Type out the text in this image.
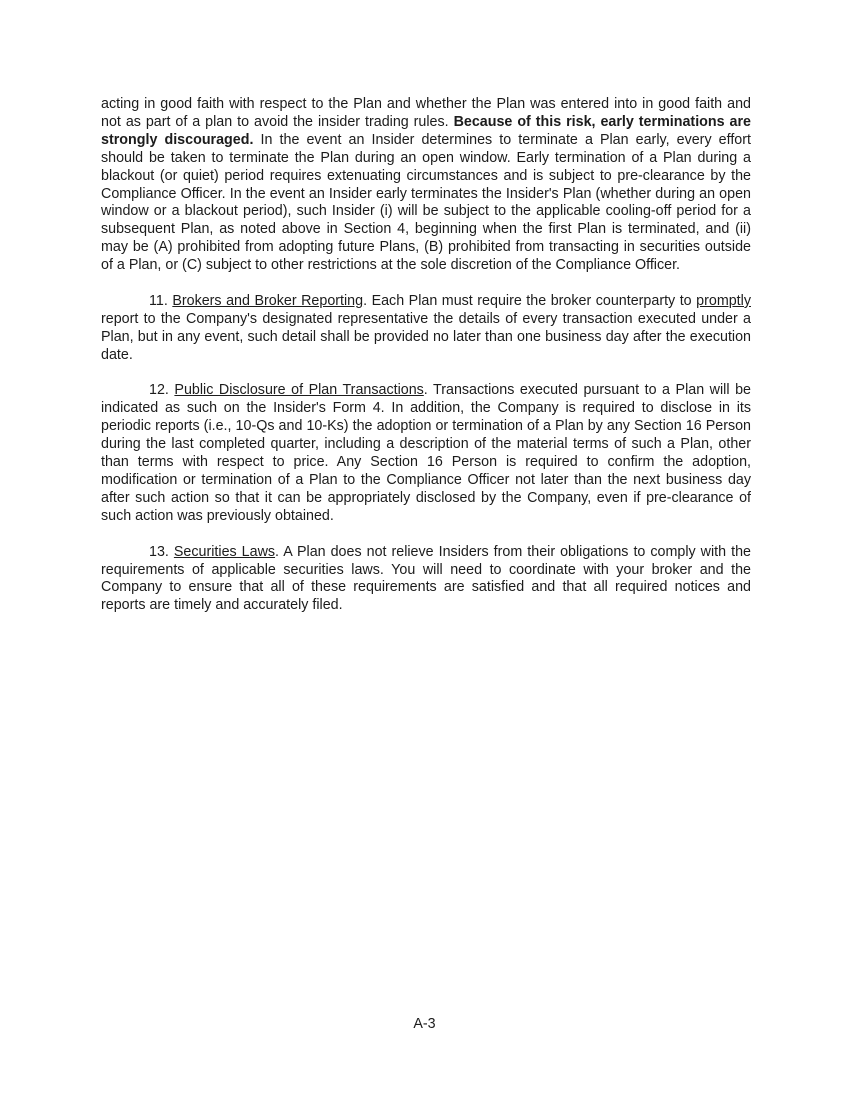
acting in good faith with respect to the Plan and whether the Plan was entered into in good faith and not as part of a plan to avoid the insider trading rules. Because of this risk, early terminations are strongly discouraged. In the event an Insider determines to terminate a Plan early, every effort should be taken to terminate the Plan during an open window. Early termination of a Plan during a blackout (or quiet) period requires extenuating circumstances and is subject to pre-clearance by the Compliance Officer. In the event an Insider early terminates the Insider's Plan (whether during an open window or a blackout period), such Insider (i) will be subject to the applicable cooling-off period for a subsequent Plan, as noted above in Section 4, beginning when the first Plan is terminated, and (ii) may be (A) prohibited from adopting future Plans, (B) prohibited from transacting in securities outside of a Plan, or (C) subject to other restrictions at the sole discretion of the Compliance Officer.

11. Brokers and Broker Reporting. Each Plan must require the broker counterparty to promptly report to the Company's designated representative the details of every transaction executed under a Plan, but in any event, such detail shall be provided no later than one business day after the execution date.

12. Public Disclosure of Plan Transactions. Transactions executed pursuant to a Plan will be indicated as such on the Insider's Form 4. In addition, the Company is required to disclose in its periodic reports (i.e., 10-Qs and 10-Ks) the adoption or termination of a Plan by any Section 16 Person during the last completed quarter, including a description of the material terms of such a Plan, other than terms with respect to price. Any Section 16 Person is required to confirm the adoption, modification or termination of a Plan to the Compliance Officer not later than the next business day after such action so that it can be appropriately disclosed by the Company, even if pre-clearance of such action was previously obtained.

13. Securities Laws. A Plan does not relieve Insiders from their obligations to comply with the requirements of applicable securities laws. You will need to coordinate with your broker and the Company to ensure that all of these requirements are satisfied and that all required notices and reports are timely and accurately filed.

A-3
